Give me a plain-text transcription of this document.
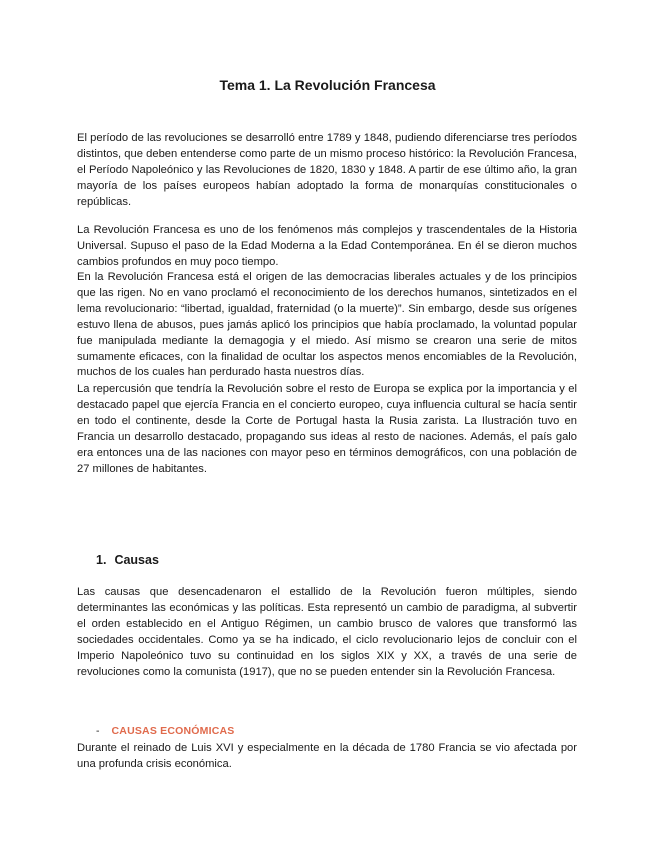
Tema 1. La Revolución Francesa

El período de las revoluciones se desarrolló entre 1789 y 1848, pudiendo diferenciarse tres períodos distintos, que deben entenderse como parte de un mismo proceso histórico: la Revolución Francesa, el Período Napoleónico y las Revoluciones de 1820, 1830 y 1848. A partir de ese último año, la gran mayoría de los países europeos habían adoptado la forma de monarquías constitucionales o repúblicas.

La Revolución Francesa es uno de los fenómenos más complejos y trascendentales de la Historia Universal. Supuso el paso de la Edad Moderna a la Edad Contemporánea. En él se dieron muchos cambios profundos en muy poco tiempo.

En la Revolución Francesa está el origen de las democracias liberales actuales y de los principios que las rigen. No en vano proclamó el reconocimiento de los derechos humanos, sintetizados en el lema revolucionario: “libertad, igualdad, fraternidad (o la muerte)”. Sin embargo, desde sus orígenes estuvo llena de abusos, pues jamás aplicó los principios que había proclamado, la voluntad popular fue manipulada mediante la demagogia y el miedo. Así mismo se crearon una serie de mitos sumamente eficaces, con la finalidad de ocultar los aspectos menos encomiables de la Revolución, muchos de los cuales han perdurado hasta nuestros días.

La repercusión que tendría la Revolución sobre el resto de Europa se explica por la importancia y el destacado papel que ejercía Francia en el concierto europeo, cuya influencia cultural se hacía sentir en todo el continente, desde la Corte de Portugal hasta la Rusia zarista. La Ilustración tuvo en Francia un desarrollo destacado, propagando sus ideas al resto de naciones. Además, el país galo era entonces una de las naciones con mayor peso en términos demográficos, con una población de 27 millones de habitantes.

1. Causas

Las causas que desencadenaron el estallido de la Revolución fueron múltiples, siendo determinantes las económicas y las políticas. Esta representó un cambio de paradigma, al subvertir el orden establecido en el Antiguo Régimen, un cambio brusco de valores que transformó las sociedades occidentales. Como ya se ha indicado, el ciclo revolucionario lejos de concluir con el Imperio Napoleónico tuvo su continuidad en los siglos XIX y XX, a través de una serie de revoluciones como la comunista (1917), que no se pueden entender sin la Revolución Francesa.

- CAUSAS ECONÓMICAS

Durante el reinado de Luis XVI y especialmente en la década de 1780 Francia se vio afectada por una profunda crisis económica.
